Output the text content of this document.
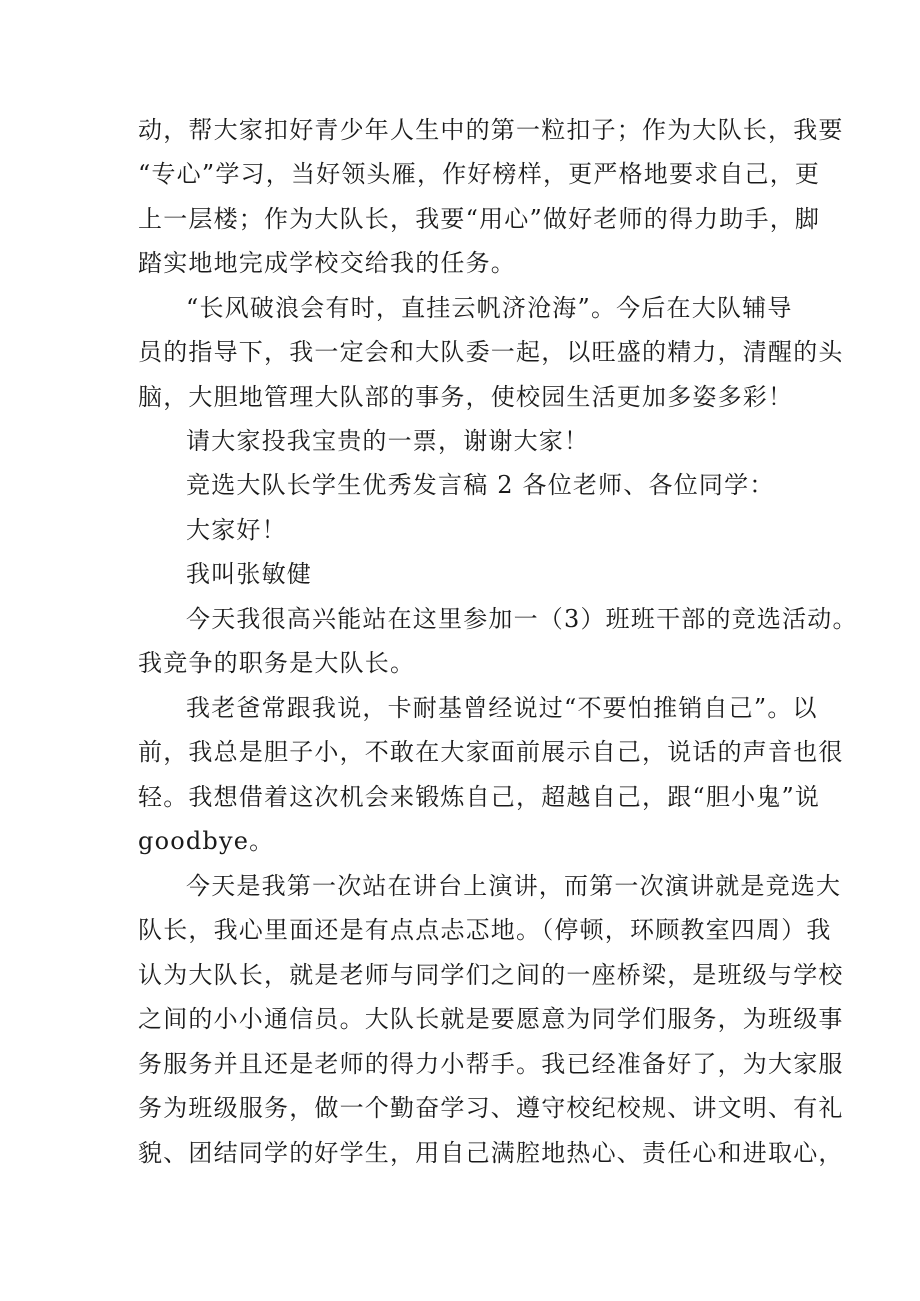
动，帮大家扣好青少年人生中的第一粒扣子；作为大队长，我要
“专心”学习，当好领头雁，作好榜样，更严格地要求自己，更
上一层楼；作为大队长，我要“用心”做好老师的得力助手，脚
踏实地地完成学校交给我的任务。
“长风破浪会有时，直挂云帆济沧海”。今后在大队辅导
员的指导下，我一定会和大队委一起，以旺盛的精力，清醒的头
脑，大胆地管理大队部的事务，使校园生活更加多姿多彩！
请大家投我宝贵的一票，谢谢大家！
竞选大队长学生优秀发言稿 2 各位老师、各位同学：
大家好！
我叫张敏健
今天我很高兴能站在这里参加一（3）班班干部的竞选活动。
我竞争的职务是大队长。
我老爸常跟我说，卡耐基曾经说过“不要怕推销自己”。以
前，我总是胆子小，不敢在大家面前展示自己，说话的声音也很
轻。我想借着这次机会来锻炼自己，超越自己，跟“胆小鬼”说
goodbye。
今天是我第一次站在讲台上演讲，而第一次演讲就是竞选大
队长，我心里面还是有点点忐忑地。（停顿，环顾教室四周）我
认为大队长，就是老师与同学们之间的一座桥梁，是班级与学校
之间的小小通信员。大队长就是要愿意为同学们服务，为班级事
务服务并且还是老师的得力小帮手。我已经准备好了，为大家服
务为班级服务，做一个勤奋学习、遵守校纪校规、讲文明、有礼
貌、团结同学的好学生，用自己满腔地热心、责任心和进取心，
